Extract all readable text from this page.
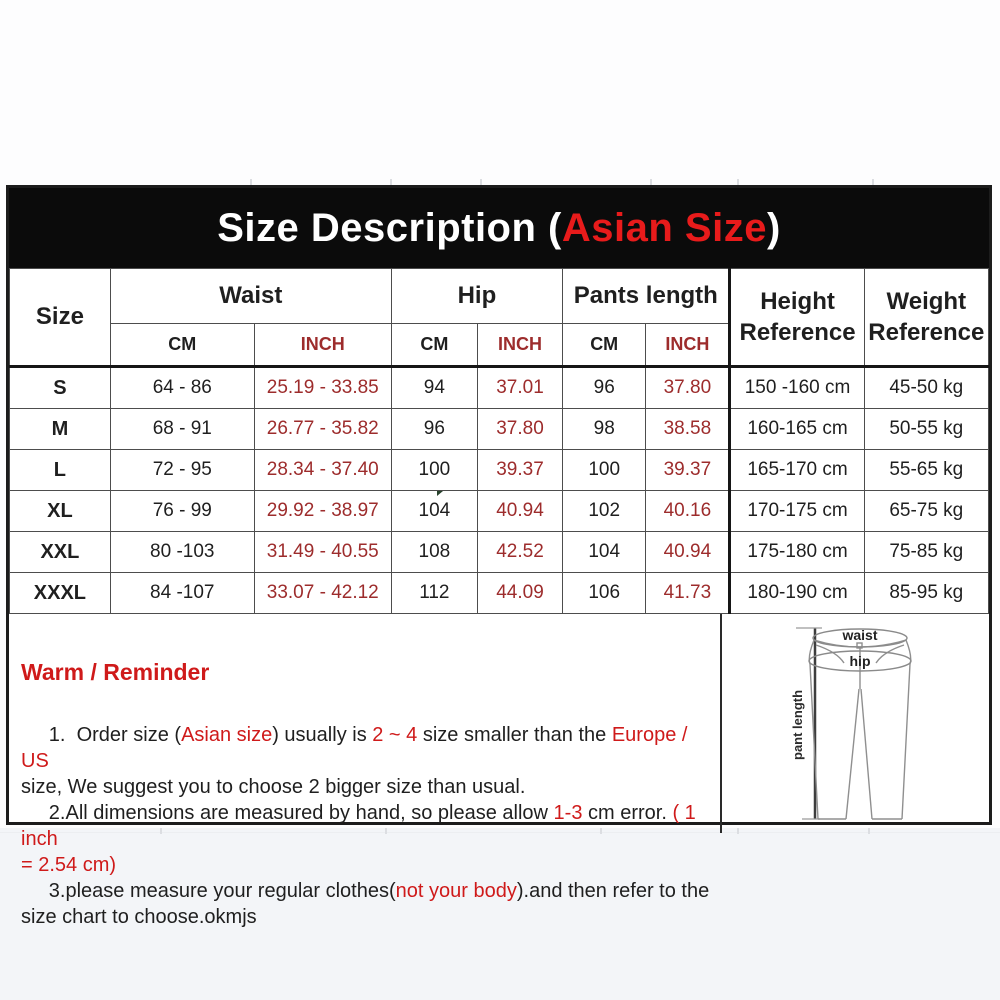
Size Description ( Asian Size )
Size	Waist		Hip		Pants length		Height Reference	Weight Reference
	CM	INCH	CM	INCH	CM	INCH		
S	64 - 86	25.19 - 33.85	94	37.01	96	37.80	150 -160 cm	45-50 kg
M	68 - 91	26.77 - 35.82	96	37.80	98	38.58	160-165 cm	50-55 kg
L	72 - 95	28.34 - 37.40	100	39.37	100	39.37	165-170 cm	55-65 kg
XL	76 - 99	29.92 - 38.97	104	40.94	102	40.16	170-175 cm	65-75 kg
XXL	80 -103	31.49 - 40.55	108	42.52	104	40.94	175-180 cm	75-85 kg
XXXL	84 -107	33.07 - 42.12	112	44.09	106	41.73	180-190 cm	85-95 kg

Warm / Reminder

1.  Order size (Asian size) usually is 2 ~ 4 size smaller than the Europe / US
size, We suggest you to choose 2 bigger size than usual.
2.All dimensions are measured by hand, so please allow 1-3 cm error. ( 1 inch
= 2.54 cm)
3.please measure your regular clothes(not your body).and then refer to the
size chart to choose.okmjs

pant length
waist
hip
